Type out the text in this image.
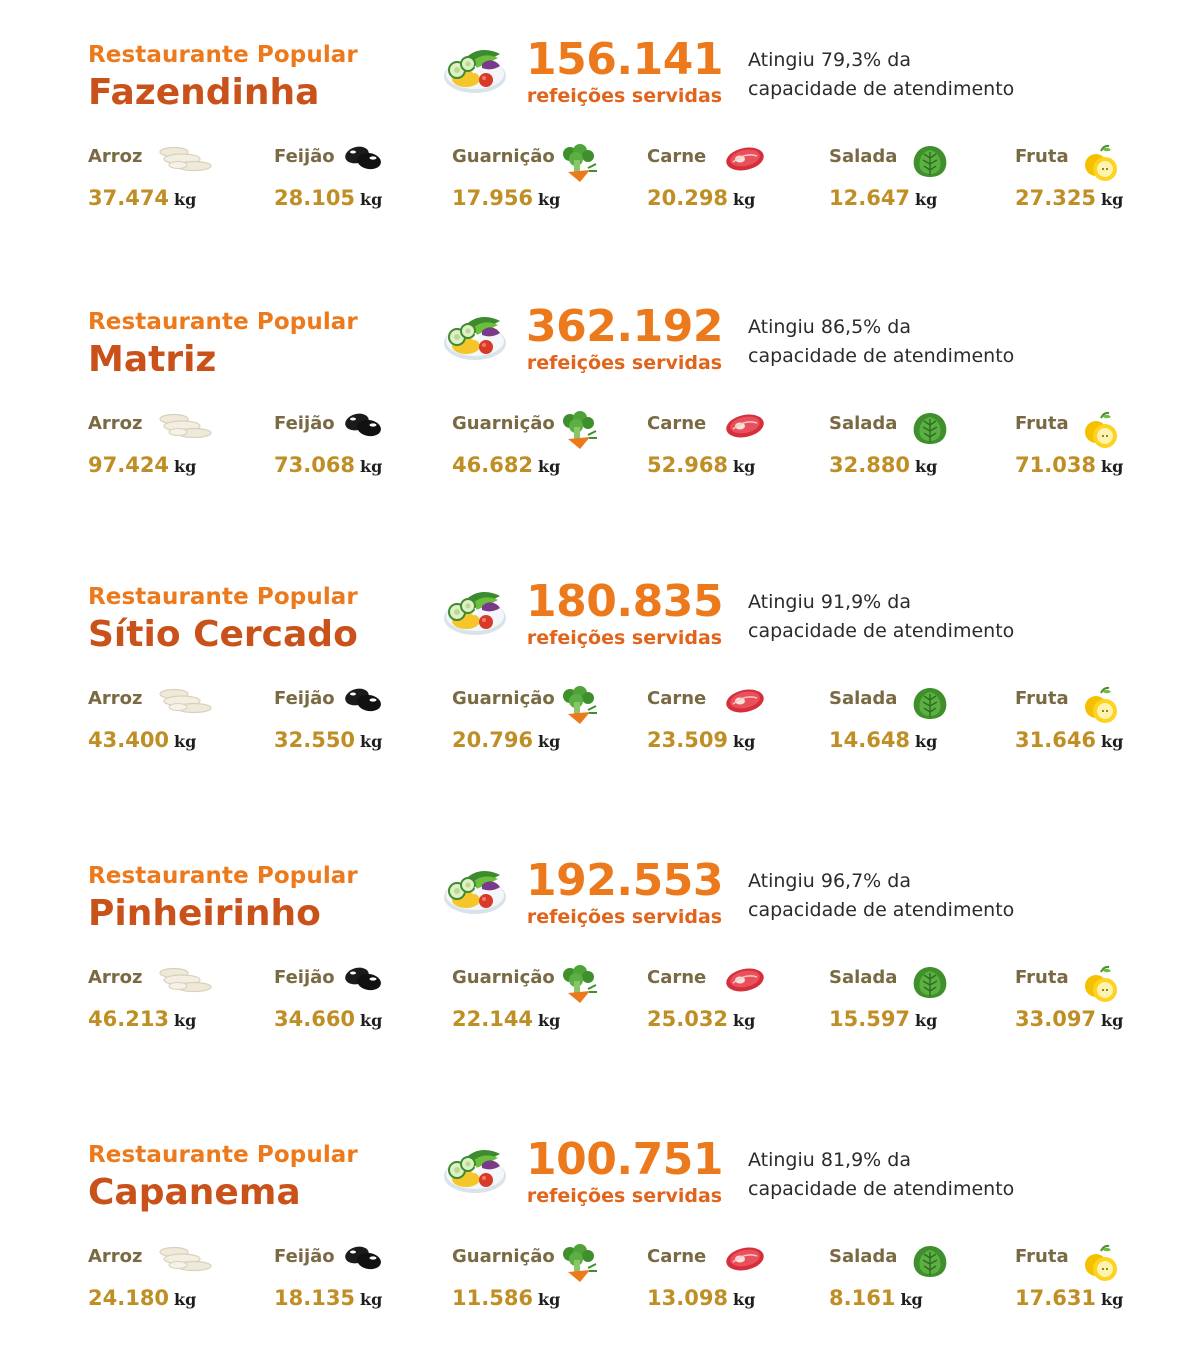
Restaurante Popular
Fazendinha
156.141
refeições servidas
Atingiu 79,3% da
capacidade de atendimento
Arroz
37.474 kg
Feijão
28.105 kg
Guarnição
17.956 kg
Carne
20.298 kg
Salada
12.647 kg
Fruta
27.325 kg
Restaurante Popular
Matriz
362.192
refeições servidas
Atingiu 86,5% da
capacidade de atendimento
Arroz
97.424 kg
Feijão
73.068 kg
Guarnição
46.682 kg
Carne
52.968 kg
Salada
32.880 kg
Fruta
71.038 kg
Restaurante Popular
Sítio Cercado
180.835
refeições servidas
Atingiu 91,9% da
capacidade de atendimento
Arroz
43.400 kg
Feijão
32.550 kg
Guarnição
20.796 kg
Carne
23.509 kg
Salada
14.648 kg
Fruta
31.646 kg
Restaurante Popular
Pinheirinho
192.553
refeições servidas
Atingiu 96,7% da
capacidade de atendimento
Arroz
46.213 kg
Feijão
34.660 kg
Guarnição
22.144 kg
Carne
25.032 kg
Salada
15.597 kg
Fruta
33.097 kg
Restaurante Popular
Capanema
100.751
refeições servidas
Atingiu 81,9% da
capacidade de atendimento
Arroz
24.180 kg
Feijão
18.135 kg
Guarnição
11.586 kg
Carne
13.098 kg
Salada
8.161 kg
Fruta
17.631 kg
